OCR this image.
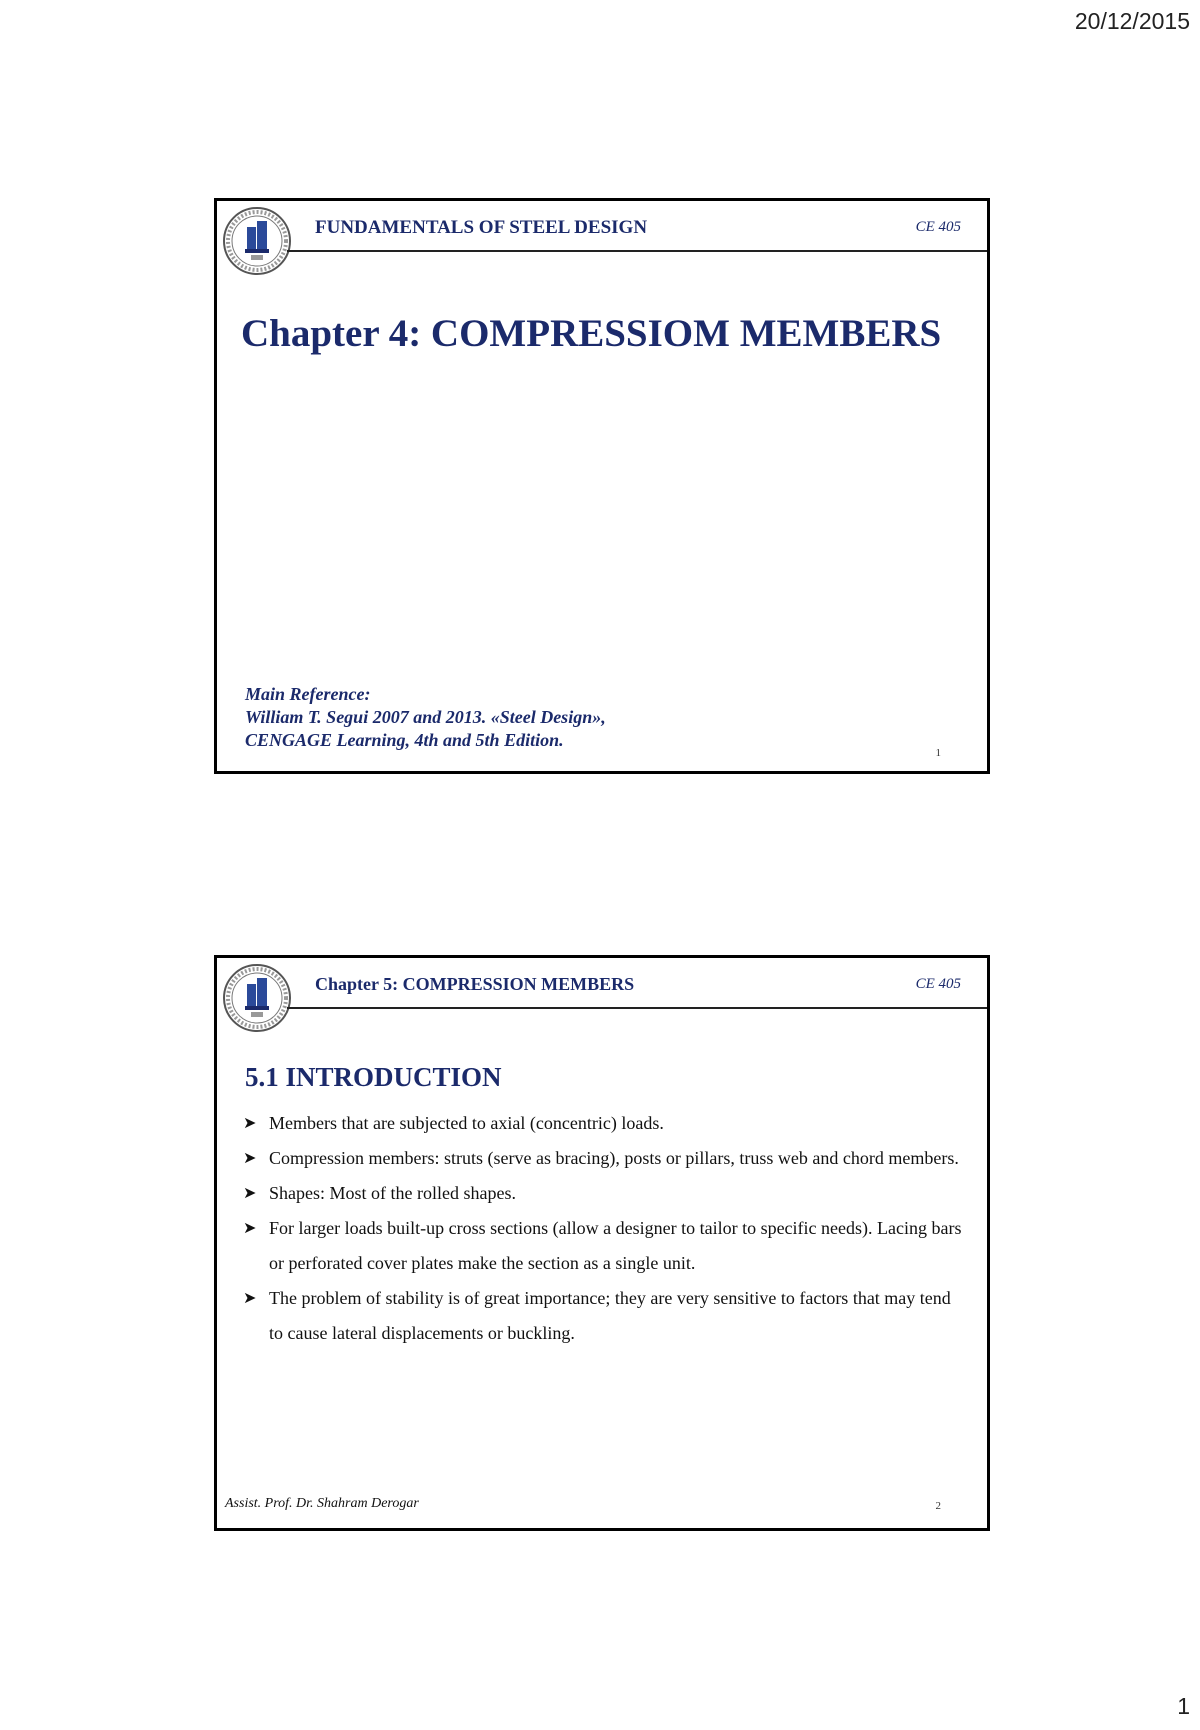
20/12/2015
FUNDAMENTALS OF STEEL DESIGN	CE 405
Chapter 4: COMPRESSIOM MEMBERS
Main Reference:
William T. Segui 2007 and 2013. «Steel Design»,
CENGAGE Learning, 4th and 5th Edition.
1
Chapter 5: COMPRESSION MEMBERS	CE 405
5.1 INTRODUCTION
➤ Members that are subjected to axial (concentric) loads.
➤ Compression members: struts (serve as bracing), posts or pillars, truss web and chord members.
➤ Shapes: Most of the rolled shapes.
➤ For larger loads built-up cross sections (allow a designer to tailor to specific needs). Lacing bars or perforated cover plates make the section as a single unit.
➤ The problem of stability is of great importance; they are very sensitive to factors that may tend to cause lateral displacements or buckling.
Assist. Prof. Dr. Shahram Derogar	2
1
